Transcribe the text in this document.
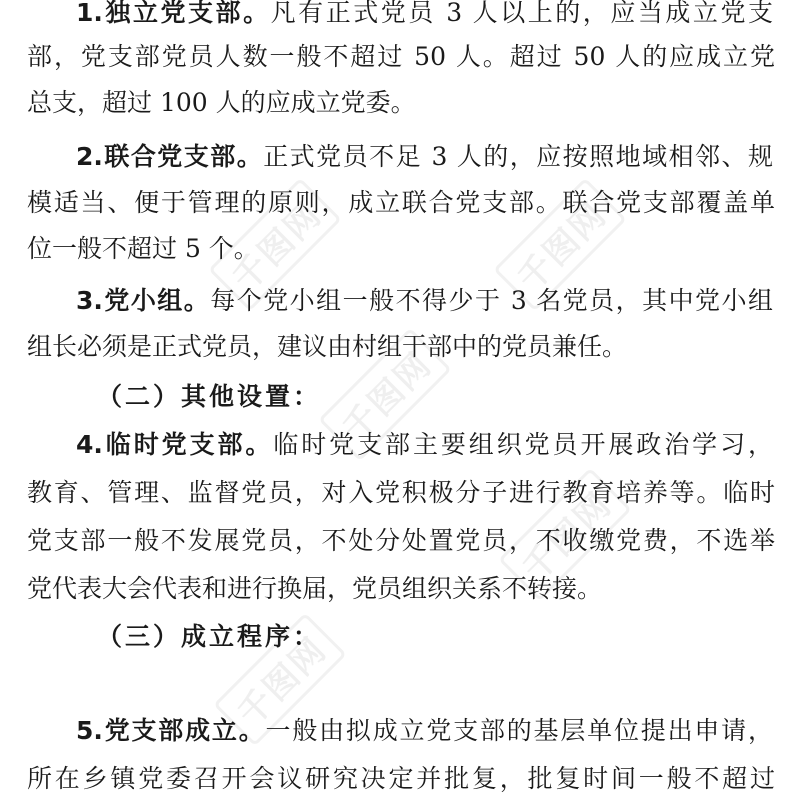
千图网	千图网
千图网
千图网
千图网
1.独立党支部。凡有正式党员 3 人以上的，应当成立党支
部，党支部党员人数一般不超过 50 人。超过 50 人的应成立党
总支，超过 100 人的应成立党委。
2.联合党支部。正式党员不足 3 人的，应按照地域相邻、规
模适当、便于管理的原则，成立联合党支部。联合党支部覆盖单
位一般不超过 5 个。
3.党小组。每个党小组一般不得少于 3 名党员，其中党小组
组长必须是正式党员，建议由村组干部中的党员兼任。
（二）其他设置：
4.临时党支部。临时党支部主要组织党员开展政治学习，
教育、管理、监督党员，对入党积极分子进行教育培养等。临时
党支部一般不发展党员，不处分处置党员，不收缴党费，不选举
党代表大会代表和进行换届，党员组织关系不转接。
（三）成立程序：
5.党支部成立。一般由拟成立党支部的基层单位提出申请，
所在乡镇党委召开会议研究决定并批复，批复时间一般不超过
